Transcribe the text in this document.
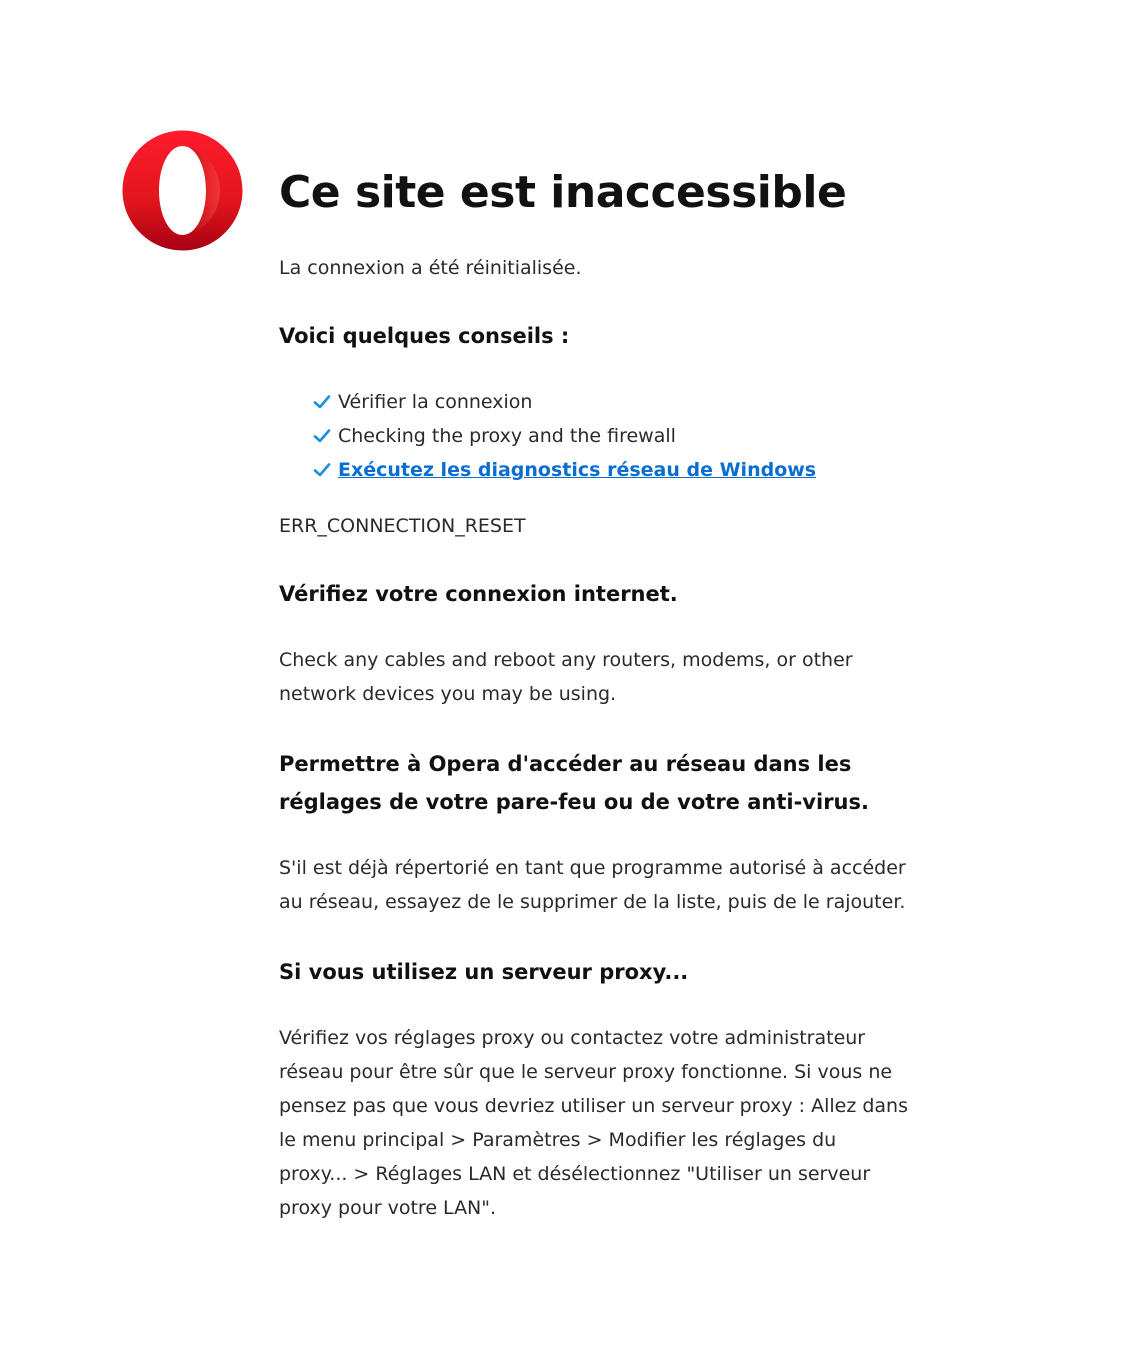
Ce site est inaccessible

La connexion a été réinitialisée.

Voici quelques conseils :
Vérifier la connexion
Checking the proxy and the firewall
Exécutez les diagnostics réseau de Windows

ERR_CONNECTION_RESET

Vérifiez votre connexion internet.

Check any cables and reboot any routers, modems, or other network devices you may be using.

Permettre à Opera d'accéder au réseau dans les réglages de votre pare-feu ou de votre anti-virus.

S'il est déjà répertorié en tant que programme autorisé à accéder au réseau, essayez de le supprimer de la liste, puis de le rajouter.

Si vous utilisez un serveur proxy...

Vérifiez vos réglages proxy ou contactez votre administrateur réseau pour être sûr que le serveur proxy fonctionne. Si vous ne pensez pas que vous devriez utiliser un serveur proxy : Allez dans le menu principal > Paramètres > Modifier les réglages du proxy... > Réglages LAN et désélectionnez "Utiliser un serveur proxy pour votre LAN".
